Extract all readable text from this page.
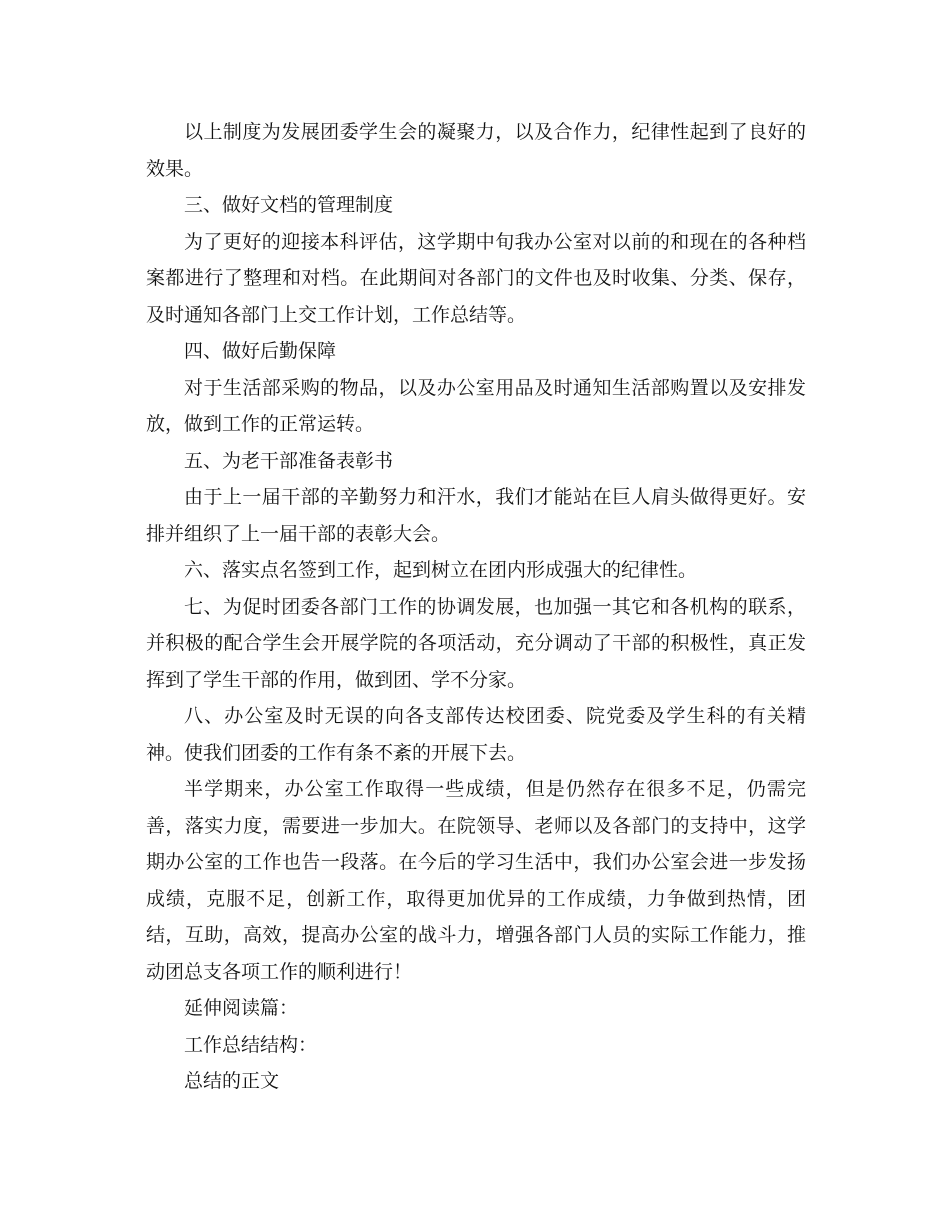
以上制度为发展团委学生会的凝聚力，以及合作力，纪律性起到了良好的效果。

三、做好文档的管理制度

为了更好的迎接本科评估，这学期中旬我办公室对以前的和现在的各种档案都进行了整理和对档。在此期间对各部门的文件也及时收集、分类、保存，及时通知各部门上交工作计划，工作总结等。

四、做好后勤保障

对于生活部采购的物品，以及办公室用品及时通知生活部购置以及安排发放，做到工作的正常运转。

五、为老干部准备表彰书

由于上一届干部的辛勤努力和汗水，我们才能站在巨人肩头做得更好。安排并组织了上一届干部的表彰大会。

六、落实点名签到工作，起到树立在团内形成强大的纪律性。

七、为促时团委各部门工作的协调发展，也加强一其它和各机构的联系，并积极的配合学生会开展学院的各项活动，充分调动了干部的积极性，真正发挥到了学生干部的作用，做到团、学不分家。

八、办公室及时无误的向各支部传达校团委、院党委及学生科的有关精神。使我们团委的工作有条不紊的开展下去。

半学期来，办公室工作取得一些成绩，但是仍然存在很多不足，仍需完善，落实力度，需要进一步加大。在院领导、老师以及各部门的支持中，这学期办公室的工作也告一段落。在今后的学习生活中，我们办公室会进一步发扬成绩，克服不足，创新工作，取得更加优异的工作成绩，力争做到热情，团结，互助，高效，提高办公室的战斗力，增强各部门人员的实际工作能力，推动团总支各项工作的顺利进行！

延伸阅读篇：

工作总结结构：

总结的正文
